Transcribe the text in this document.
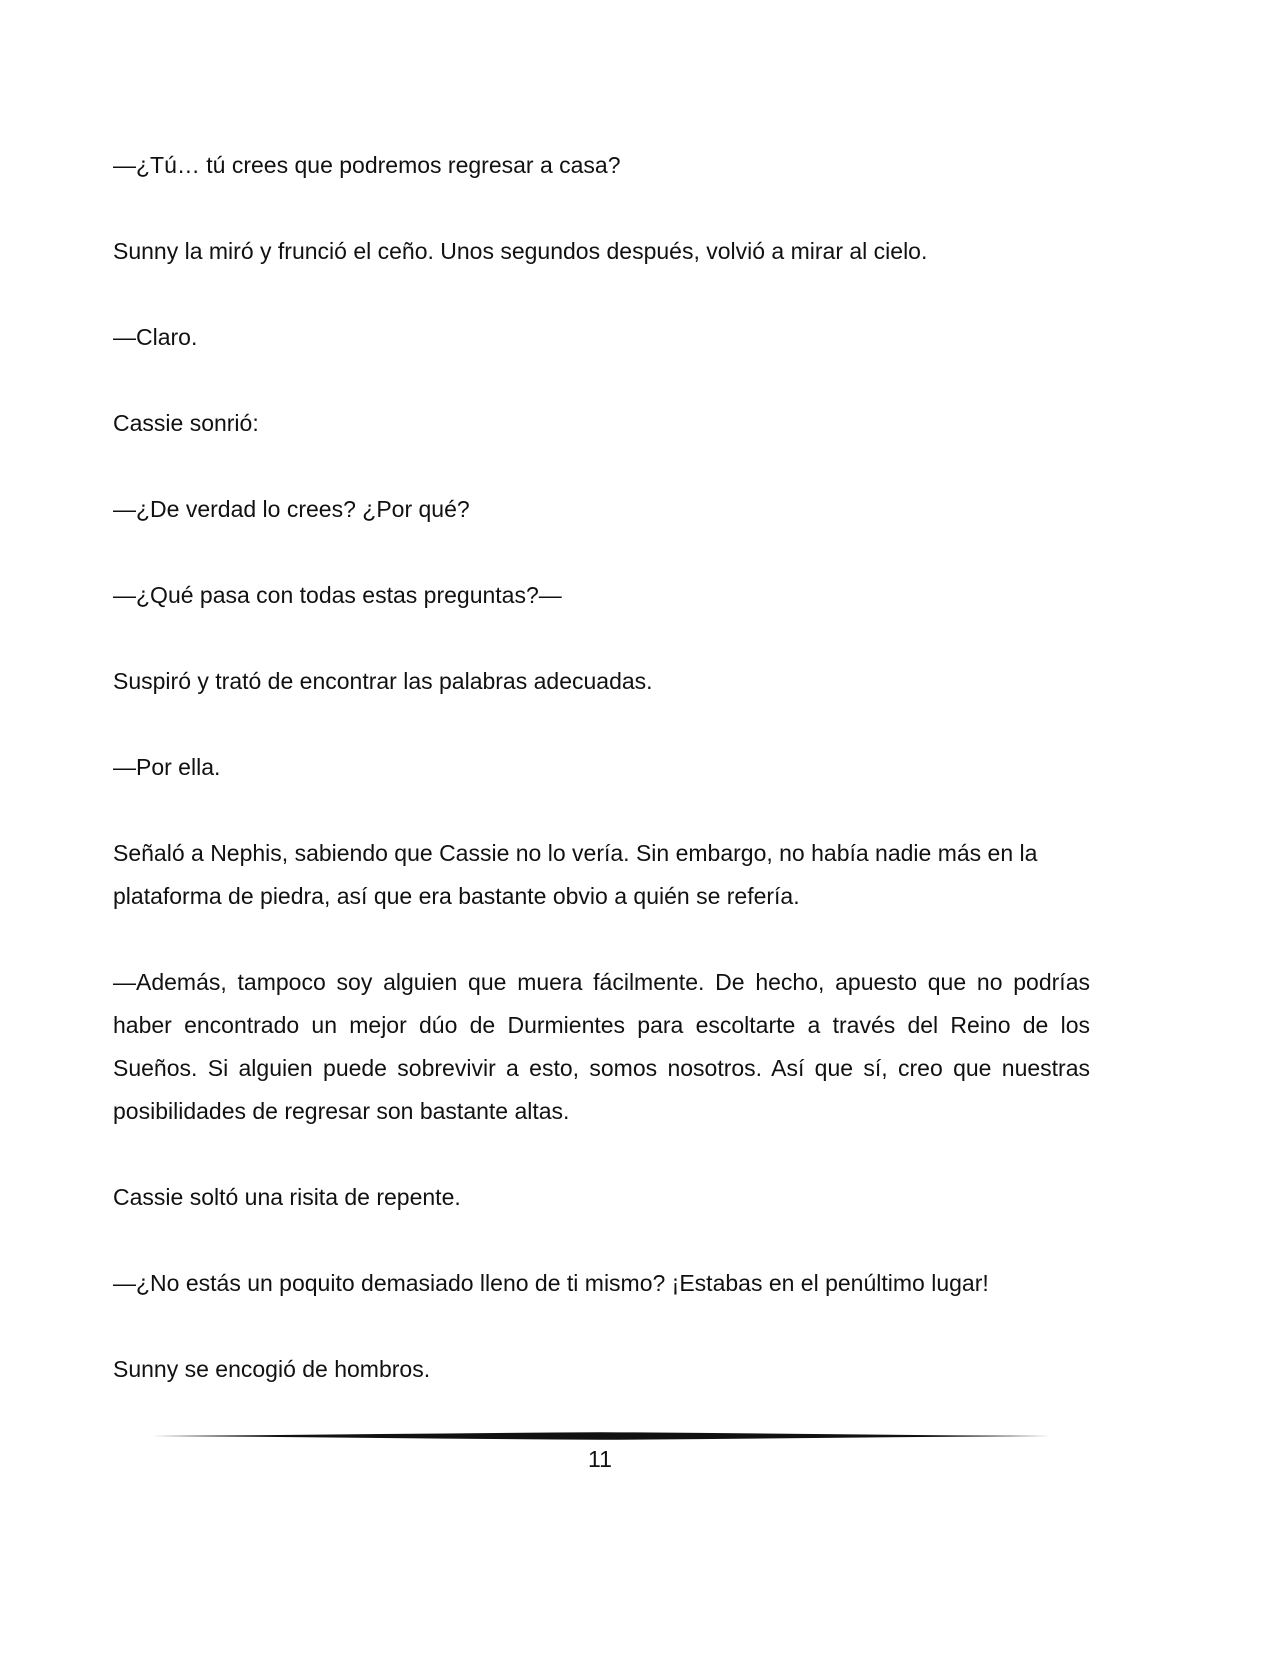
—¿Tú… tú crees que podremos regresar a casa?

Sunny la miró y frunció el ceño. Unos segundos después, volvió a mirar al cielo.

—Claro.

Cassie sonrió:

—¿De verdad lo crees? ¿Por qué?

—¿Qué pasa con todas estas preguntas?—

Suspiró y trató de encontrar las palabras adecuadas.

—Por ella.

Señaló a Nephis, sabiendo que Cassie no lo vería. Sin embargo, no había nadie más en la plataforma de piedra, así que era bastante obvio a quién se refería.

—Además, tampoco soy alguien que muera fácilmente. De hecho, apuesto que no podrías haber encontrado un mejor dúo de Durmientes para escoltarte a través del Reino de los Sueños. Si alguien puede sobrevivir a esto, somos nosotros. Así que sí, creo que nuestras posibilidades de regresar son bastante altas.

Cassie soltó una risita de repente.

—¿No estás un poquito demasiado lleno de ti mismo? ¡Estabas en el penúltimo lugar!

Sunny se encogió de hombros.

11
